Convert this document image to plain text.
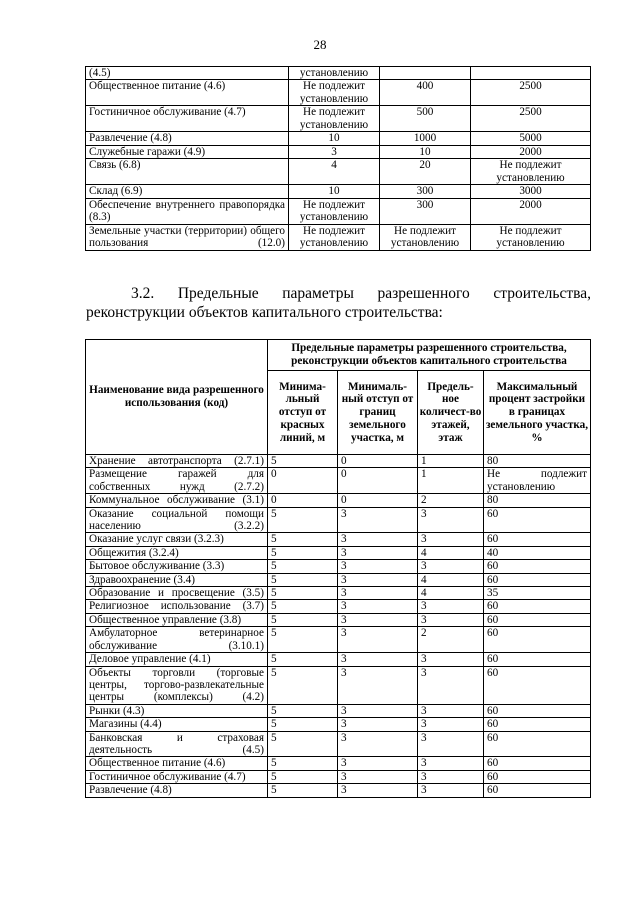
28
(4.5)	установлению		
Общественное питание (4.6)	Не подлежит установлению	400	2500
Гостиничное обслуживание (4.7)	Не подлежит установлению	500	2500
Развлечение (4.8)	10	1000	5000
Служебные гаражи (4.9)	3	10	2000
Связь (6.8)	4	20	Не подлежит установлению
Склад (6.9)	10	300	3000
Обеспечение внутреннего правопорядка (8.3)	Не подлежит установлению	300	2000
Земельные участки (территории) общего пользования (12.0)	Не подлежит установлению	Не подлежит установлению	Не подлежит установлению
3.2. Предельные параметры разрешенного строительства,
реконструкции объектов капитального строительства:
Наименование вида разрешенного использования (код)	Предельные параметры разрешенного строительства, реконструкции объектов капитального строительства			
	Минима-льный отступ от красных линий, м	Минималь-ный отступ от границ земельного участка, м	Предель-ное количест-во этажей, этаж	Максимальный процент застройки в границах земельного участка, %
Хранение автотранспорта (2.7.1)	5	0	1	80
Размещение гаражей для собственных нужд (2.7.2)	0	0	1	Не подлежит установлению
Коммунальное обслуживание (3.1)	0	0	2	80
Оказание социальной помощи населению (3.2.2)	5	3	3	60
Оказание услуг связи (3.2.3)	5	3	3	60
Общежития (3.2.4)	5	3	4	40
Бытовое обслуживание (3.3)	5	3	3	60
Здравоохранение (3.4)	5	3	4	60
Образование и просвещение (3.5)	5	3	4	35
Религиозное использование (3.7)	5	3	3	60
Общественное управление (3.8)	5	3	3	60
Амбулаторное ветеринарное обслуживание (3.10.1)	5	3	2	60
Деловое управление (4.1)	5	3	3	60
Объекты торговли (торговые центры, торгово-развлекательные центры (комплексы) (4.2)	5	3	3	60
Рынки (4.3)	5	3	3	60
Магазины (4.4)	5	3	3	60
Банковская и страховая деятельность (4.5)	5	3	3	60
Общественное питание (4.6)	5	3	3	60
Гостиничное обслуживание (4.7)	5	3	3	60
Развлечение (4.8)	5	3	3	60
